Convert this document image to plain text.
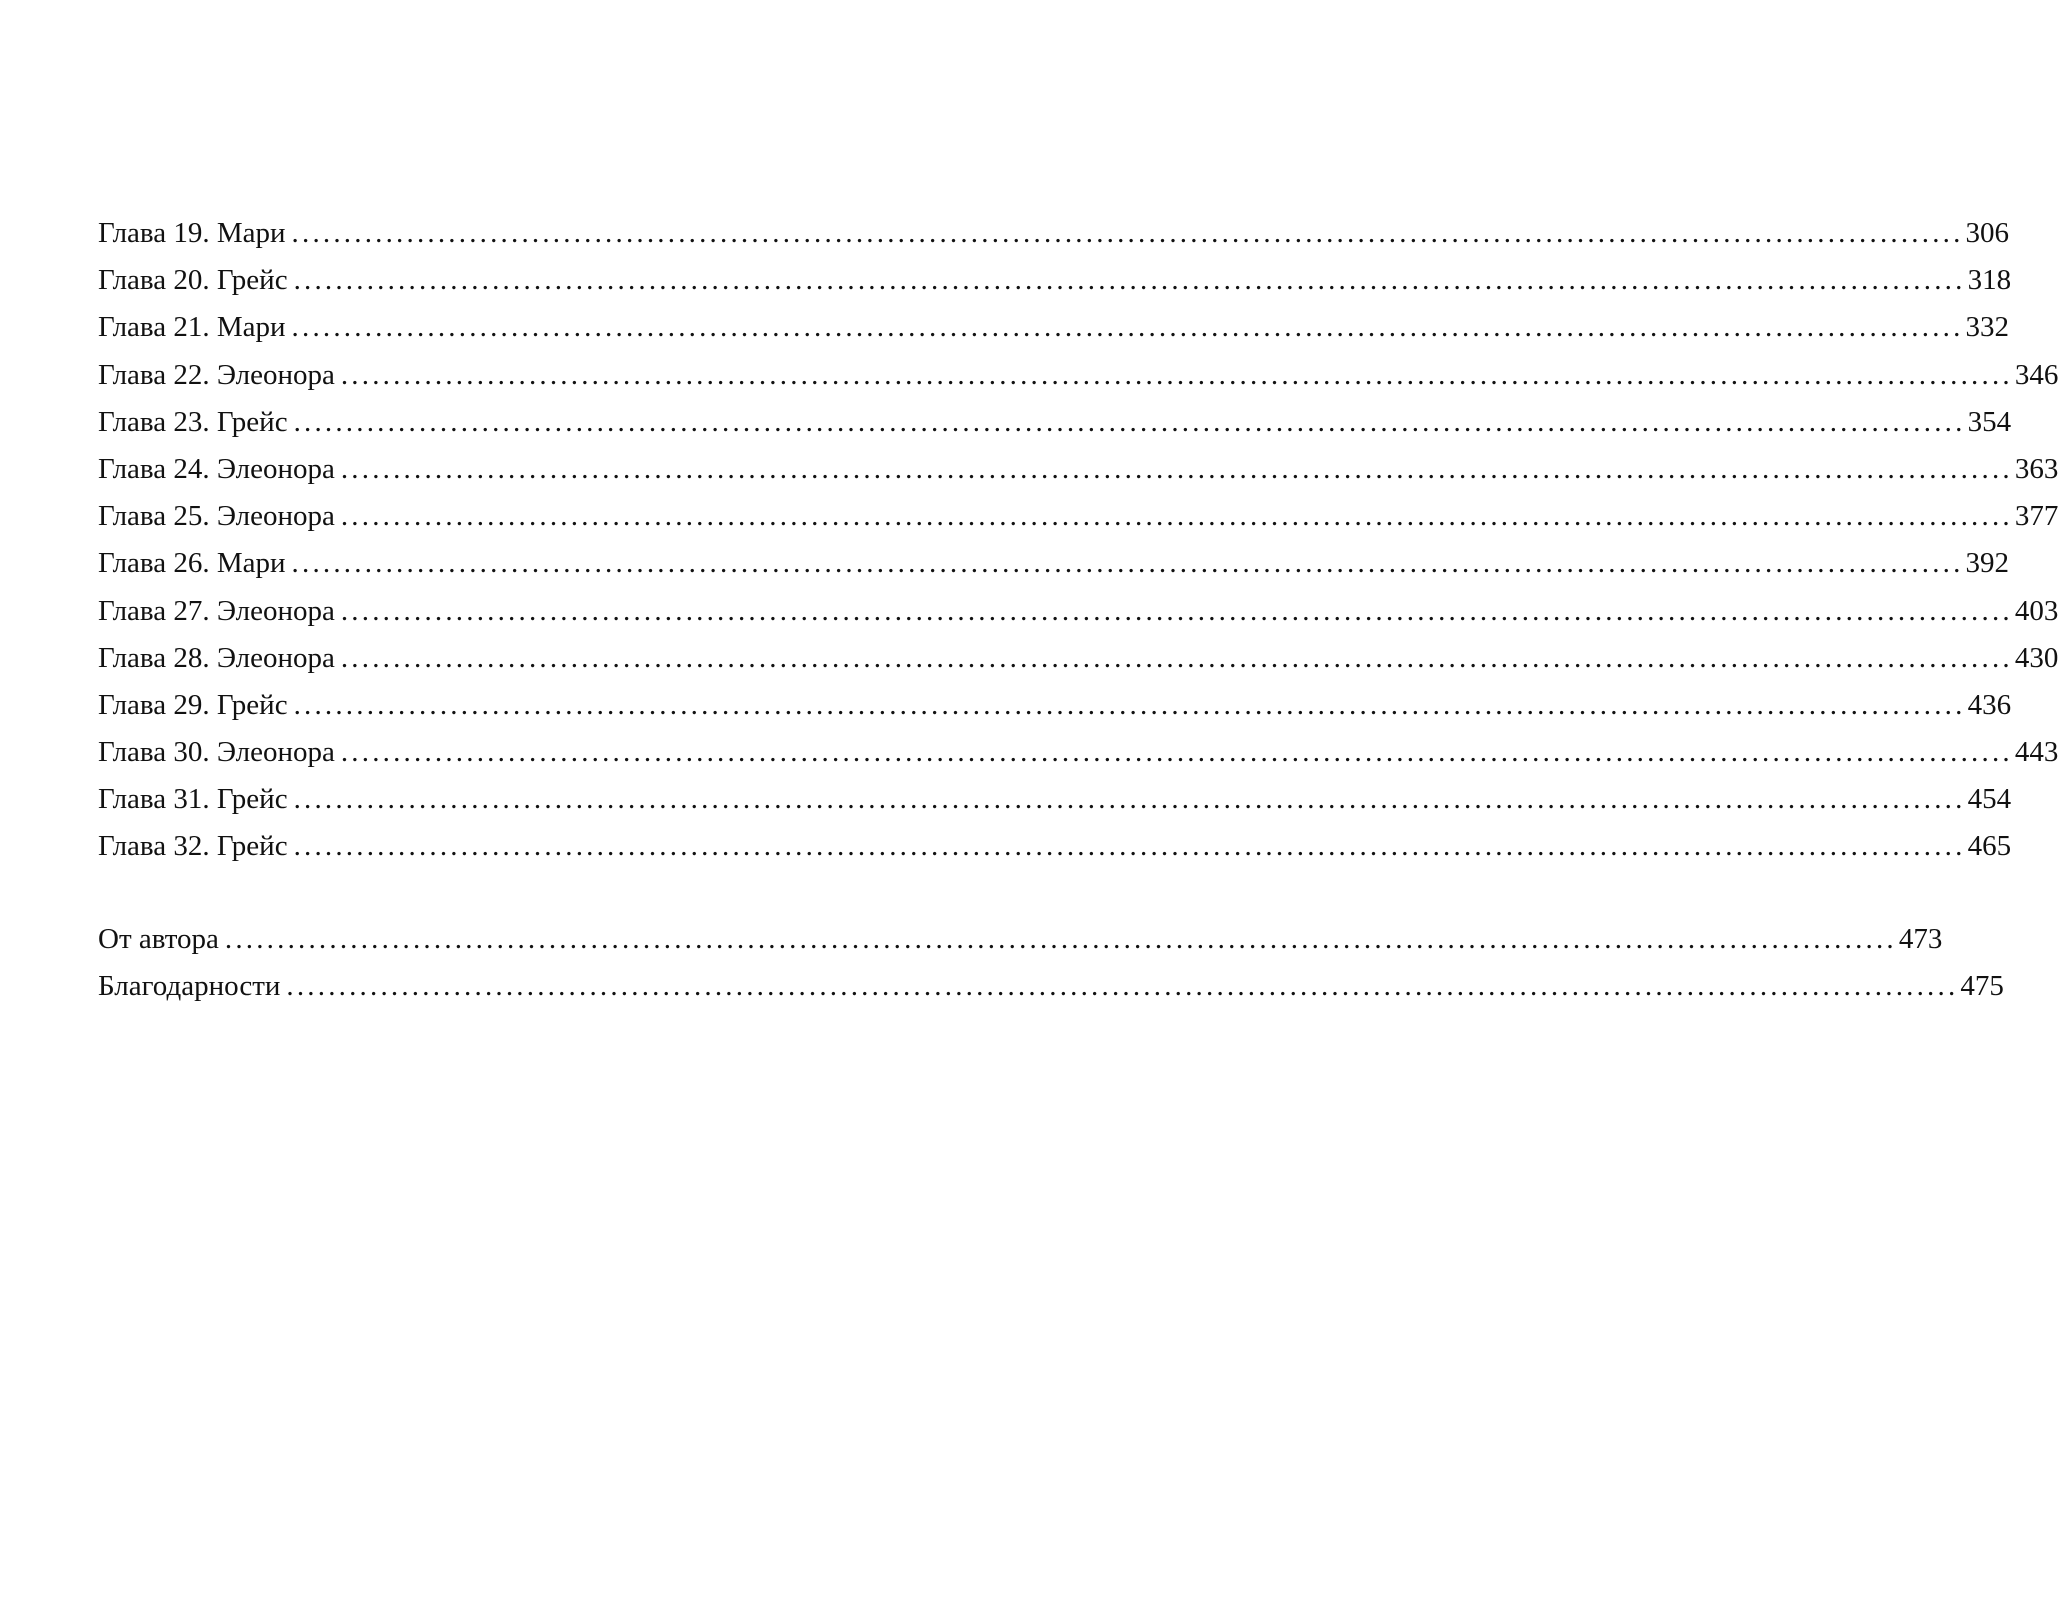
Глава 19. Мари ................................................................................................................................................................ 306
Глава 20. Грейс ................................................................................................................................................................ 318
Глава 21. Мари ................................................................................................................................................................ 332
Глава 22. Элеонора ................................................................................................................................................................ 346
Глава 23. Грейс ................................................................................................................................................................ 354
Глава 24. Элеонора ................................................................................................................................................................ 363
Глава 25. Элеонора ................................................................................................................................................................ 377
Глава 26. Мари ................................................................................................................................................................ 392
Глава 27. Элеонора ................................................................................................................................................................ 403
Глава 28. Элеонора ................................................................................................................................................................ 430
Глава 29. Грейс ................................................................................................................................................................ 436
Глава 30. Элеонора ................................................................................................................................................................ 443
Глава 31. Грейс ................................................................................................................................................................ 454
Глава 32. Грейс ................................................................................................................................................................ 465
От автора ................................................................................................................................................................ 473
Благодарности ................................................................................................................................................................ 475
